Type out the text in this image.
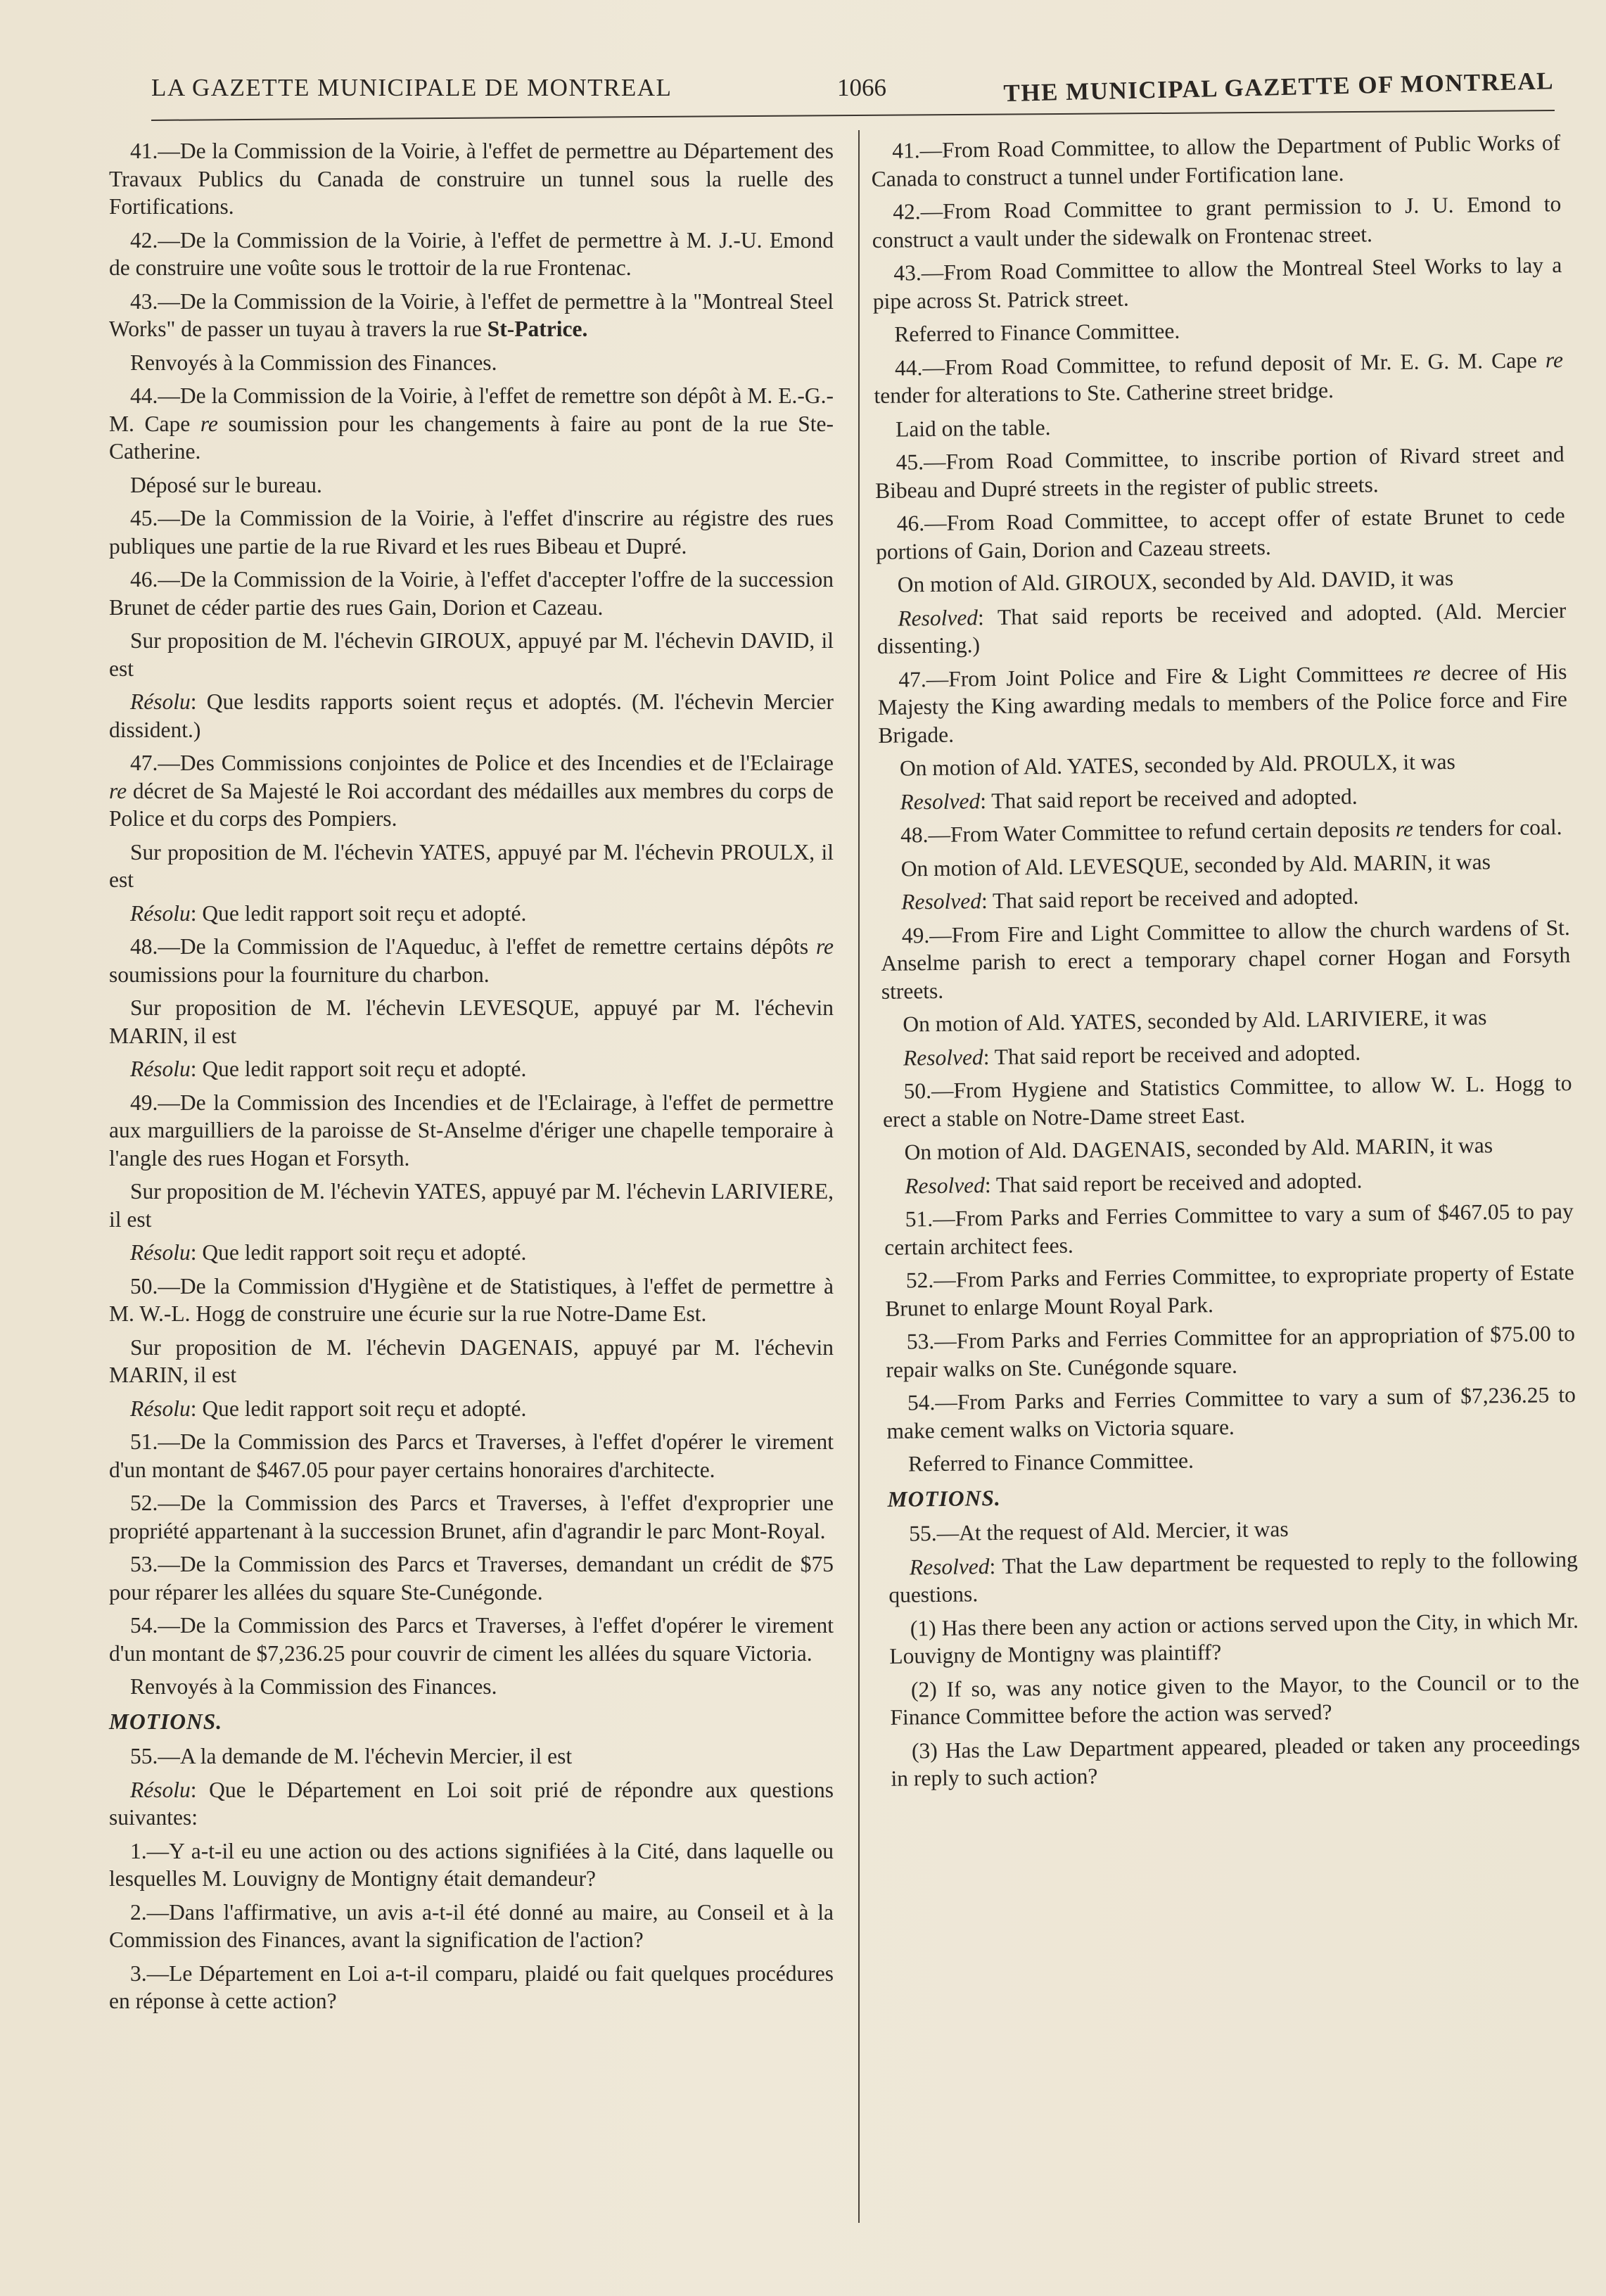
LA GAZETTE MUNICIPALE DE MONTREAL	1066	THE MUNICIPAL GAZETTE OF MONTREAL

41.—De la Commission de la Voirie, à l'effet de permettre au Département des Travaux Publics du Canada de construire un tunnel sous la ruelle des Fortifications.

42.—De la Commission de la Voirie, à l'effet de permettre à M. J.-U. Emond de construire une voûte sous le trottoir de la rue Frontenac.

43.—De la Commission de la Voirie, à l'effet de permettre à la "Montreal Steel Works" de passer un tuyau à travers la rue St-Patrice.

Renvoyés à la Commission des Finances.

44.—De la Commission de la Voirie, à l'effet de remettre son dépôt à M. E.-G.-M. Cape re soumission pour les changements à faire au pont de la rue Ste-Catherine.

Déposé sur le bureau.

45.—De la Commission de la Voirie, à l'effet d'inscrire au régistre des rues publiques une partie de la rue Rivard et les rues Bibeau et Dupré.

46.—De la Commission de la Voirie, à l'effet d'accepter l'offre de la succession Brunet de céder partie des rues Gain, Dorion et Cazeau.

Sur proposition de M. l'échevin GIROUX, appuyé par M. l'échevin DAVID, il est

Résolu: Que lesdits rapports soient reçus et adoptés. (M. l'échevin Mercier dissident.)

47.—Des Commissions conjointes de Police et des Incendies et de l'Eclairage re décret de Sa Majesté le Roi accordant des médailles aux membres du corps de Police et du corps des Pompiers.

Sur proposition de M. l'échevin YATES, appuyé par M. l'échevin PROULX, il est

Résolu: Que ledit rapport soit reçu et adopté.

48.—De la Commission de l'Aqueduc, à l'effet de remettre certains dépôts re soumissions pour la fourniture du charbon.

Sur proposition de M. l'échevin LEVESQUE, appuyé par M. l'échevin MARIN, il est

Résolu: Que ledit rapport soit reçu et adopté.

49.—De la Commission des Incendies et de l'Eclairage, à l'effet de permettre aux marguilliers de la paroisse de St-Anselme d'ériger une chapelle temporaire à l'angle des rues Hogan et Forsyth.

Sur proposition de M. l'échevin YATES, appuyé par M. l'échevin LARIVIERE, il est

Résolu: Que ledit rapport soit reçu et adopté.

50.—De la Commission d'Hygiène et de Statistiques, à l'effet de permettre à M. W.-L. Hogg de construire une écurie sur la rue Notre-Dame Est.

Sur proposition de M. l'échevin DAGENAIS, appuyé par M. l'échevin MARIN, il est

Résolu: Que ledit rapport soit reçu et adopté.

51.—De la Commission des Parcs et Traverses, à l'effet d'opérer le virement d'un montant de $467.05 pour payer certains honoraires d'architecte.

52.—De la Commission des Parcs et Traverses, à l'effet d'exproprier une propriété appartenant à la succession Brunet, afin d'agrandir le parc Mont-Royal.

53.—De la Commission des Parcs et Traverses, demandant un crédit de $75 pour réparer les allées du square Ste-Cunégonde.

54.—De la Commission des Parcs et Traverses, à l'effet d'opérer le virement d'un montant de $7,236.25 pour couvrir de ciment les allées du square Victoria.

Renvoyés à la Commission des Finances.

MOTIONS.

55.—A la demande de M. l'échevin Mercier, il est

Résolu: Que le Département en Loi soit prié de répondre aux questions suivantes:

1.—Y a-t-il eu une action ou des actions signifiées à la Cité, dans laquelle ou lesquelles M. Louvigny de Montigny était demandeur?

2.—Dans l'affirmative, un avis a-t-il été donné au maire, au Conseil et à la Commission des Finances, avant la signification de l'action?

3.—Le Département en Loi a-t-il comparu, plaidé ou fait quelques procédures en réponse à cette action?

41.—From Road Committee, to allow the Department of Public Works of Canada to construct a tunnel under Fortification lane.

42.—From Road Committee to grant permission to J. U. Emond to construct a vault under the sidewalk on Frontenac street.

43.—From Road Committee to allow the Montreal Steel Works to lay a pipe across St. Patrick street.

Referred to Finance Committee.

44.—From Road Committee, to refund deposit of Mr. E. G. M. Cape re tender for alterations to Ste. Catherine street bridge.

Laid on the table.

45.—From Road Committee, to inscribe portion of Rivard street and Bibeau and Dupré streets in the register of public streets.

46.—From Road Committee, to accept offer of estate Brunet to cede portions of Gain, Dorion and Cazeau streets.

On motion of Ald. GIROUX, seconded by Ald. DAVID, it was

Resolved: That said reports be received and adopted. (Ald. Mercier dissenting.)

47.—From Joint Police and Fire & Light Committees re decree of His Majesty the King awarding medals to members of the Police force and Fire Brigade.

On motion of Ald. YATES, seconded by Ald. PROULX, it was

Resolved: That said report be received and adopted.

48.—From Water Committee to refund certain deposits re tenders for coal.

On motion of Ald. LEVESQUE, seconded by Ald. MARIN, it was

Resolved: That said report be received and adopted.

49.—From Fire and Light Committee to allow the church wardens of St. Anselme parish to erect a temporary chapel corner Hogan and Forsyth streets.

On motion of Ald. YATES, seconded by Ald. LARIVIERE, it was

Resolved: That said report be received and adopted.

50.—From Hygiene and Statistics Committee, to allow W. L. Hogg to erect a stable on Notre-Dame street East.

On motion of Ald. DAGENAIS, seconded by Ald. MARIN, it was

Resolved: That said report be received and adopted.

51.—From Parks and Ferries Committee to vary a sum of $467.05 to pay certain architect fees.

52.—From Parks and Ferries Committee, to expropriate property of Estate Brunet to enlarge Mount Royal Park.

53.—From Parks and Ferries Committee for an appropriation of $75.00 to repair walks on Ste. Cunégonde square.

54.—From Parks and Ferries Committee to vary a sum of $7,236.25 to make cement walks on Victoria square.

Referred to Finance Committee.

MOTIONS.

55.—At the request of Ald. Mercier, it was

Resolved: That the Law department be requested to reply to the following questions.

(1) Has there been any action or actions served upon the City, in which Mr. Louvigny de Montigny was plaintiff?

(2) If so, was any notice given to the Mayor, to the Council or to the Finance Committee before the action was served?

(3) Has the Law Department appeared, pleaded or taken any proceedings in reply to such action?
